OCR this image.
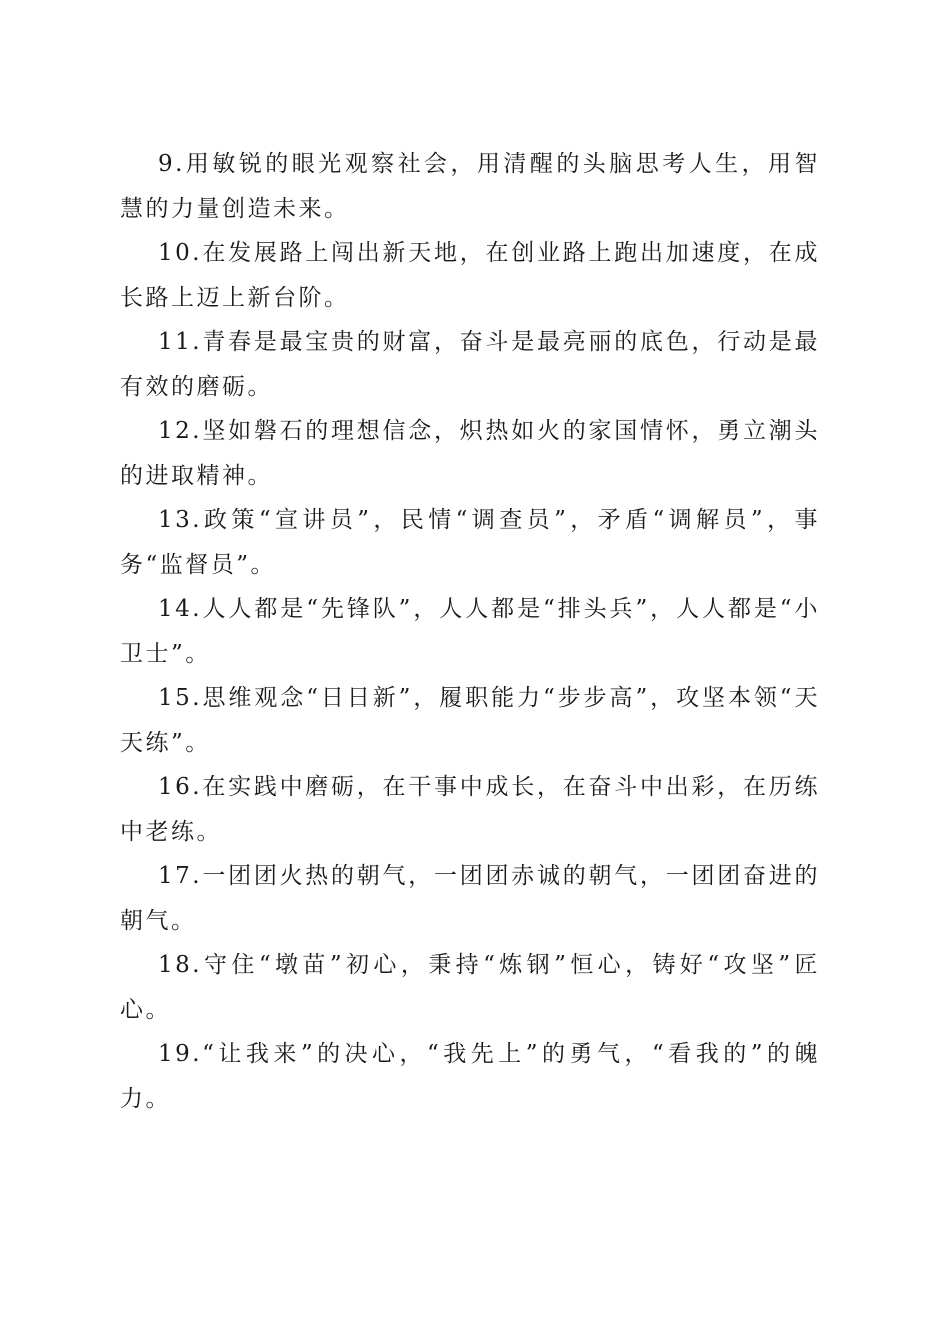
9.用敏锐的眼光观察社会，用清醒的头脑思考人生，用智慧的力量创造未来。

10.在发展路上闯出新天地，在创业路上跑出加速度，在成长路上迈上新台阶。

11.青春是最宝贵的财富，奋斗是最亮丽的底色，行动是最有效的磨砺。

12.坚如磐石的理想信念，炽热如火的家国情怀，勇立潮头的进取精神。

13.政策“宣讲员”，民情“调查员”，矛盾“调解员”，事务“监督员”。

14.人人都是“先锋队”，人人都是“排头兵”，人人都是“小卫士”。

15.思维观念“日日新”，履职能力“步步高”，攻坚本领“天天练”。

16.在实践中磨砺，在干事中成长，在奋斗中出彩，在历练中老练。

17.一团团火热的朝气，一团团赤诚的朝气，一团团奋进的朝气。

18.守住“墩苗”初心，秉持“炼钢”恒心，铸好“攻坚”匠心。

19.“让我来”的决心，“我先上”的勇气，“看我的”的魄力。
